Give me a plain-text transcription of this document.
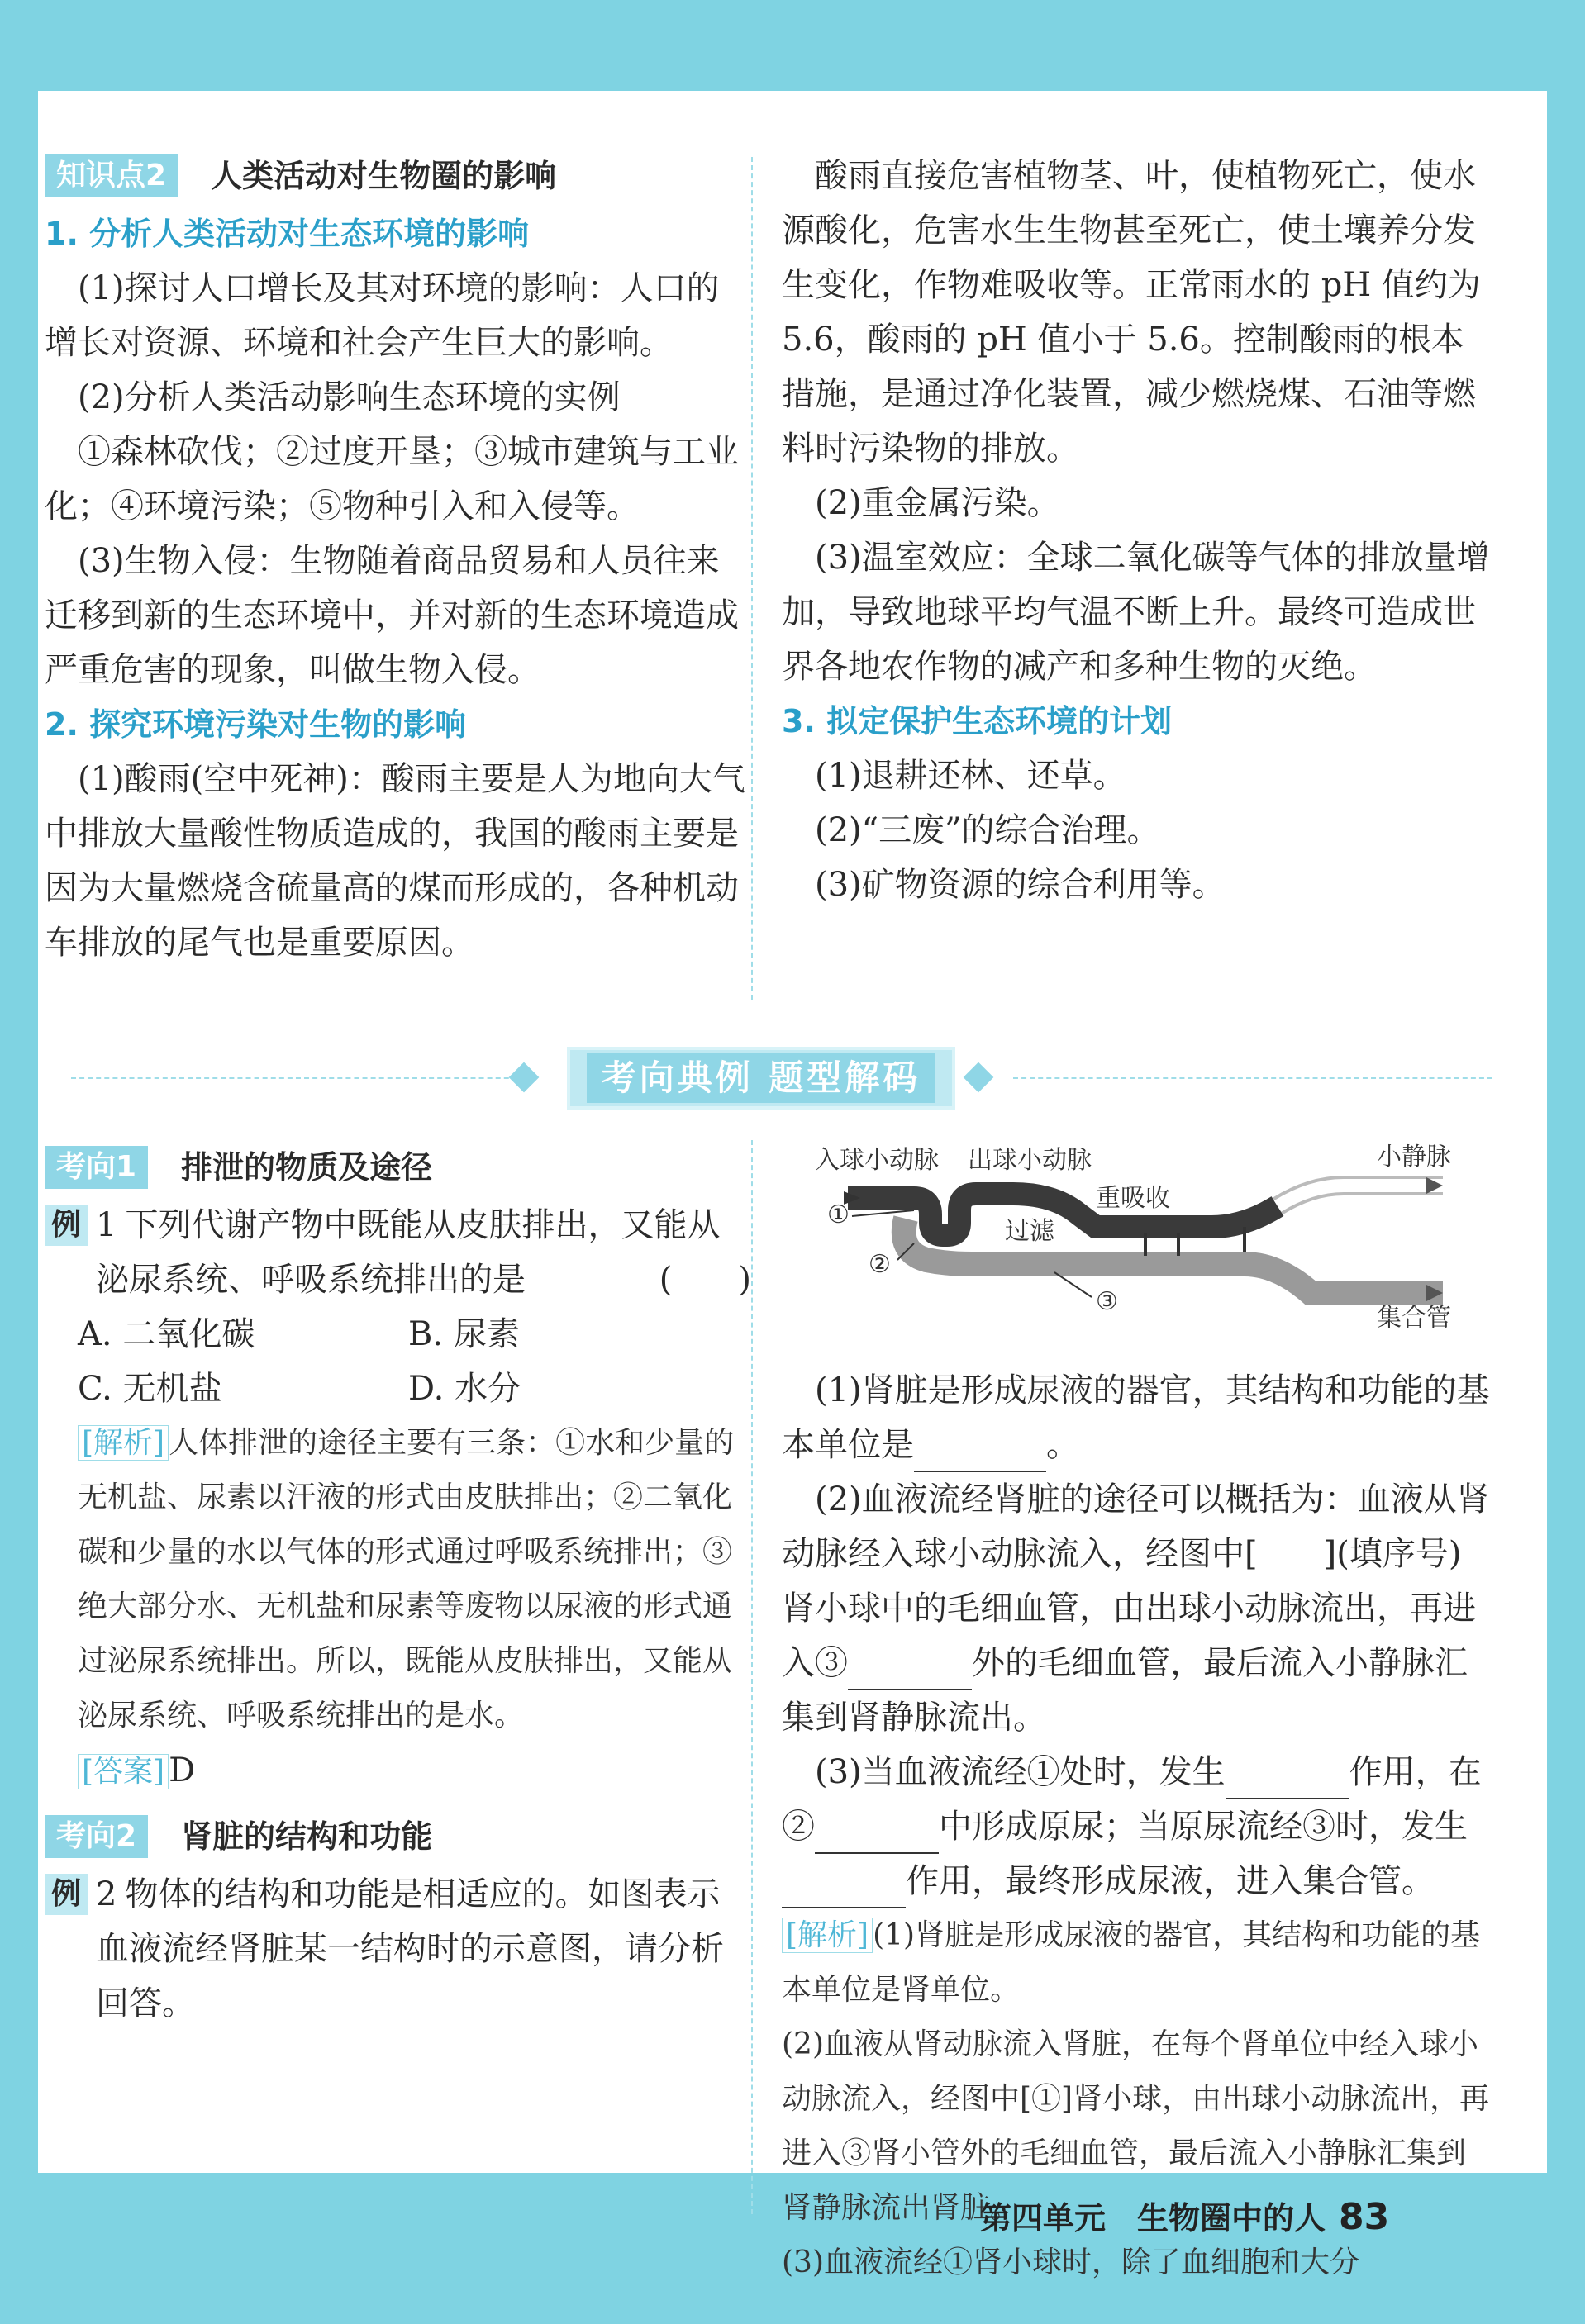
知识点2	人类活动对生物圈的影响

1. 分析人类活动对生态环境的影响

(1)探讨人口增长及其对环境的影响：人口的增长对资源、环境和社会产生巨大的影响。

(2)分析人类活动影响生态环境的实例

①森林砍伐；②过度开垦；③城市建筑与工业化；④环境污染；⑤物种引入和入侵等。

(3)生物入侵：生物随着商品贸易和人员往来迁移到新的生态环境中，并对新的生态环境造成严重危害的现象，叫做生物入侵。

2. 探究环境污染对生物的影响

(1)酸雨(空中死神)：酸雨主要是人为地向大气中排放大量酸性物质造成的，我国的酸雨主要是因为大量燃烧含硫量高的煤而形成的，各种机动车排放的尾气也是重要原因。

酸雨直接危害植物茎、叶，使植物死亡，使水源酸化，危害水生生物甚至死亡，使土壤养分发生变化，作物难吸收等。正常雨水的 pH 值约为 5.6，酸雨的 pH 值小于 5.6。控制酸雨的根本措施，是通过净化装置，减少燃烧煤、石油等燃料时污染物的排放。

(2)重金属污染。

(3)温室效应：全球二氧化碳等气体的排放量增加，导致地球平均气温不断上升。最终可造成世界各地农作物的减产和多种生物的灭绝。

3. 拟定保护生态环境的计划

(1)退耕还林、还草。

(2)“三废”的综合治理。

(3)矿物资源的综合利用等。

考向典例 题型解码
考向1	排泄的物质及途径
例 1 下列代谢产物中既能从皮肤排出，又能从泌尿系统、呼吸系统排出的是	(　　)

A. 二氧化碳	B. 尿素
C. 无机盐	D. 水分

[解析] 人体排泄的途径主要有三条：①水和少量的无机盐、尿素以汗液的形式由皮肤排出；②二氧化碳和少量的水以气体的形式通过呼吸系统排出；③绝大部分水、无机盐和尿素等废物以尿液的形式通过泌尿系统排出。所以，既能从皮肤排出，又能从泌尿系统、呼吸系统排出的是水。

[答案] D

考向2	肾脏的结构和功能
例 2 物体的结构和功能是相适应的。如图表示血液流经肾脏某一结构时的示意图，请分析回答。

入球小动脉 出球小动脉	小静脉
重吸收
过滤
集合管
①
②
③

(1)肾脏是形成尿液的器官，其结构和功能的基本单位是	。

(2)血液流经肾脏的途径可以概括为：血液从肾动脉经入球小动脉流入，经图中[ ](填序号)肾小球中的毛细血管，由出球小动脉流出，再进入③	外的毛细血管，最后流入小静脉汇集到肾静脉流出。

(3)当血液流经①处时，发生	作用，在②	中形成原尿；当原尿流经③时，发生作用，最终形成尿液，进入集合管。

[解析] (1)肾脏是形成尿液的器官，其结构和功能的基本单位是肾单位。

(2)血液从肾动脉流入肾脏，在每个肾单位中经入球小动脉流入，经图中[①]肾小球，由出球小动脉流出，再进入③肾小管外的毛细血管，最后流入小静脉汇集到肾静脉流出肾脏。

(3)血液流经①肾小球时，除了血细胞和大分

第四单元　生物圈中的人 83
